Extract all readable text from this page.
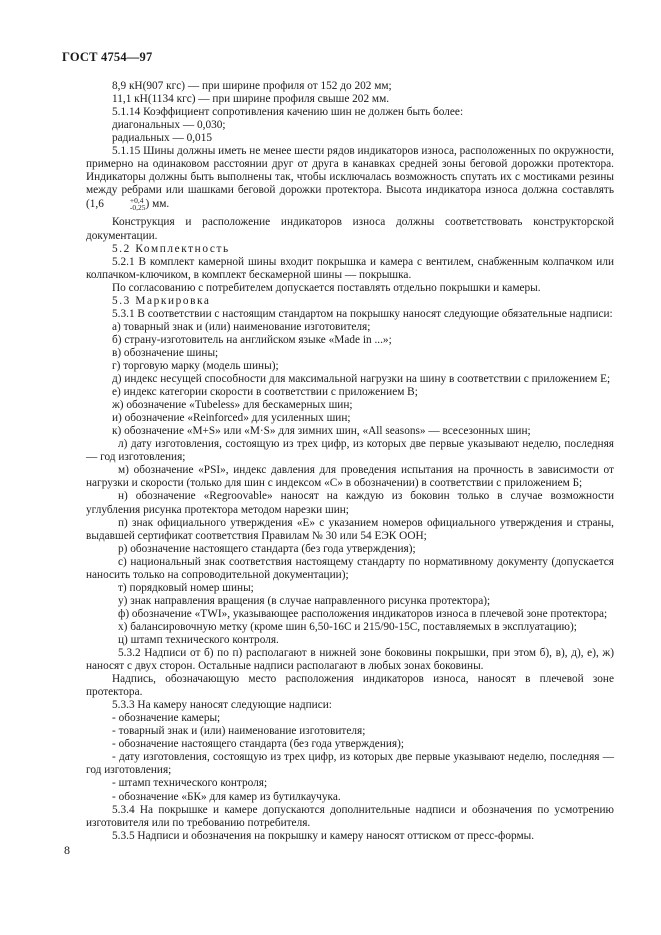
ГОСТ 4754—97

8,9 кН(907 кгс) — при ширине профиля от 152 до 202 мм;

11,1 кН(1134 кгс) — при ширине профиля свыше 202 мм.

5.1.14 Коэффициент сопротивления качению шин не должен быть более:

диагональных — 0,030;

радиальных — 0,015

5.1.15 Шины должны иметь не менее шести рядов индикаторов износа, расположенных по окружности, примерно на одинаковом расстоянии друг от друга в канавках средней зоны беговой дорожки протектора. Индикаторы должны быть выполнены так, чтобы исключалась возможность спутать их с мостиками резины между ребрами или шашками беговой дорожки протектора. Высота индикатора износа должна составлять (1,6	+0,4
-0,25 ) мм.

Конструкция и расположение индикаторов износа должны соответствовать конструкторской документации.

5.2 Комплектность

5.2.1 В комплект камерной шины входит покрышка и камера с вентилем, снабженным колпачком или колпачком-ключиком, в комплект бескамерной шины — покрышка.

По согласованию с потребителем допускается поставлять отдельно покрышки и камеры.

5.3 Маркировка

5.3.1 В соответствии с настоящим стандартом на покрышку наносят следующие обязательные надписи:

а) товарный знак и (или) наименование изготовителя;

б) страну-изготовитель на английском языке «Made in ...»;

в) обозначение шины;

г) торговую марку (модель шины);

д) индекс несущей способности для максимальной нагрузки на шину в соответствии с приложением Е;

е) индекс категории скорости в соответствии с приложением В;

ж) обозначение «Tubeless» для бескамерных шин;

и) обозначение «Reinforced» для усиленных шин;

к) обозначение «M+S» или «M·S» для зимних шин, «All seasons» — всесезонных шин;

л) дату изготовления, состоящую из трех цифр, из которых две первые указывают неделю, последняя — год изготовления;

м) обозначение «PSI», индекс давления для проведения испытания на прочность в зависимости от нагрузки и скорости (только для шин с индексом «С» в обозначении) в соответствии с приложением Б;

н) обозначение «Regroovable» наносят на каждую из боковин только в случае возможности углубления рисунка протектора методом нарезки шин;

п) знак официального утверждения «Е» с указанием номеров официального утверждения и страны, выдавшей сертификат соответствия Правилам № 30 или 54 ЕЭК ООН;

р) обозначение настоящего стандарта (без года утверждения);

с) национальный знак соответствия настоящему стандарту по нормативному документу (допускается наносить только на сопроводительной документации);

т) порядковый номер шины;

у) знак направления вращения (в случае направленного рисунка протектора);

ф) обозначение «TWI», указывающее расположения индикаторов износа в плечевой зоне протектора;

х) балансировочную метку (кроме шин 6,50-16С и 215/90-15С, поставляемых в эксплуатацию);

ц) штамп технического контроля.

5.3.2 Надписи от б) по п) располагают в нижней зоне боковины покрышки, при этом б), в), д), е), ж) наносят с двух сторон. Остальные надписи располагают в любых зонах боковины.

Надпись, обозначающую место расположения индикаторов износа, наносят в плечевой зоне протектора.

5.3.3 На камеру наносят следующие надписи:

- обозначение камеры;

- товарный знак и (или) наименование изготовителя;

- обозначение настоящего стандарта (без года утверждения);

- дату изготовления, состоящую из трех цифр, из которых две первые указывают неделю, последняя — год изготовления;

- штамп технического контроля;

- обозначение «БК» для камер из бутилкаучука.

5.3.4 На покрышке и камере допускаются дополнительные надписи и обозначения по усмотрению изготовителя или по требованию потребителя.

5.3.5 Надписи и обозначения на покрышку и камеру наносят оттиском от пресс-формы.

8
